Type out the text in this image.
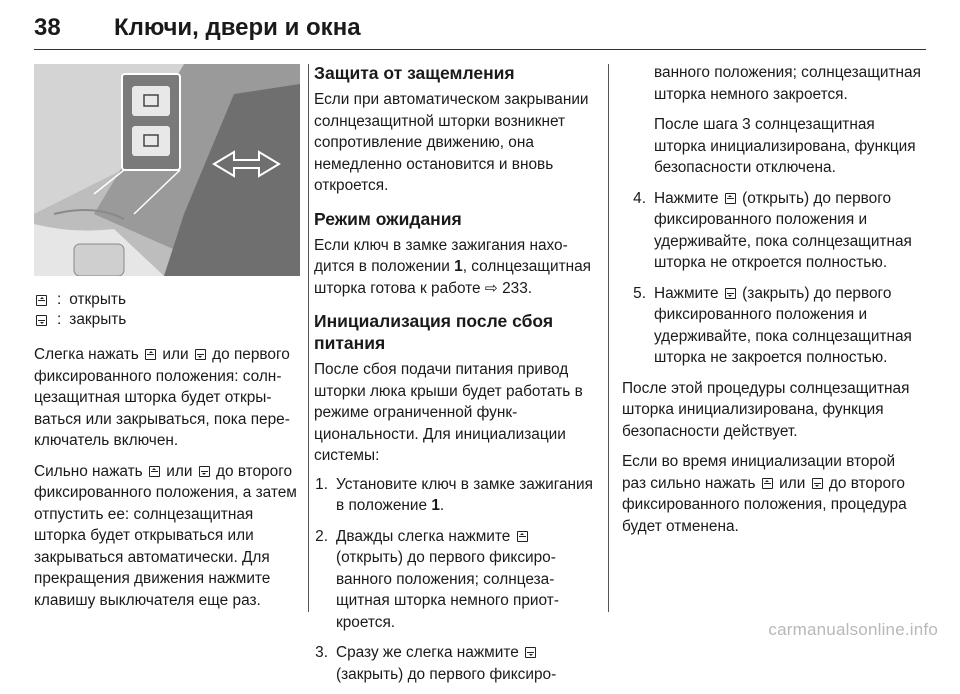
38 Ключи, двери и окна
: открыть
: закрыть

Слегка нажать или до первого фиксированного положения: солнцезащитная шторка будет открываться или закрываться, пока переключатель включен.

Сильно нажать или до второго фиксированного положения, а затем отпустить ее: солнцезащитная шторка будет открываться или закрываться автоматически. Для прекращения движения нажмите клавишу выключателя еще раз.

Защита от защемления

Если при автоматическом закрывании солнцезащитной шторки возникнет сопротивление движению, она немедленно остановится и вновь откроется.

Режим ожидания

Если ключ в замке зажигания находится в положении 1, солнцезащитная шторка готова к работе ⇨ 233.

Инициализация после сбоя питания

После сбоя подачи питания привод шторки люка крыши будет работать в режиме ограниченной функциональности. Для инициализации системы:

1. Установите ключ в замке зажигания в положение 1.
2. Дважды слегка нажмите  (открыть) до первого фиксированного положения; солнцезащитная шторка немного приоткроется.
3. Сразу же слегка нажмите  (закрыть) до первого фиксиро-
ванного положения; солнцезащитная шторка немного закроется.
После шага 3 солнцезащитная шторка инициализирована, функция безопасности отключена.
4. Нажмите (открыть) до первого фиксированного положения и удерживайте, пока солнцезащитная шторка не откроется полностью.
5. Нажмите (закрыть) до первого фиксированного положения и удерживайте, пока солнцезащитная шторка не закроется полностью.

После этой процедуры солнцезащитная шторка инициализирована, функция безопасности действует.

Если во время инициализации второй раз сильно нажать или до второго фиксированного положения, процедура будет отменена.

carmanualsonline.info
